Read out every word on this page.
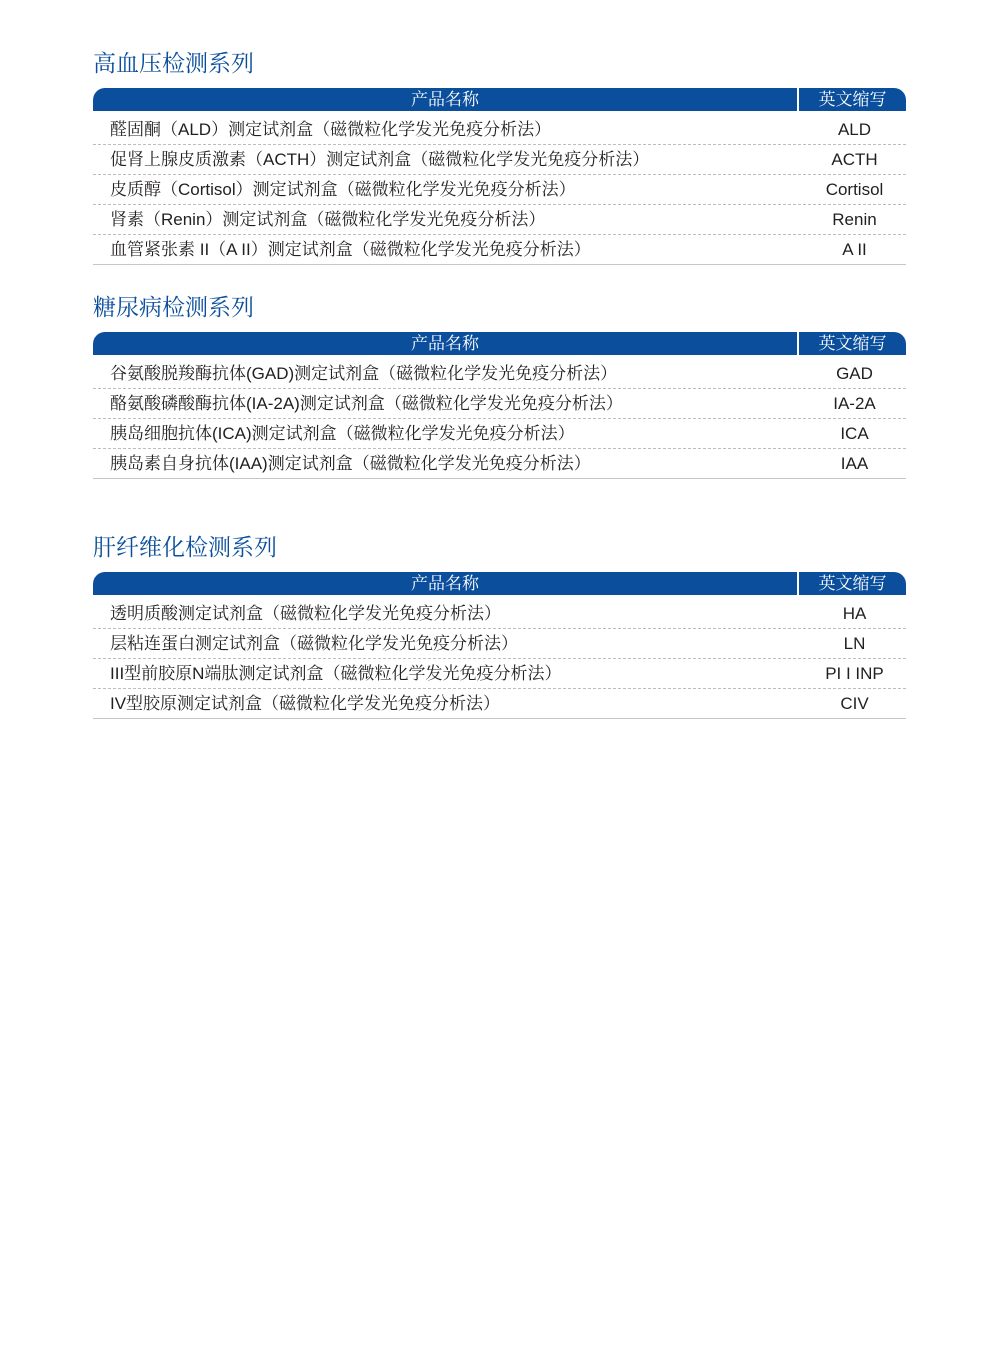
高血压检测系列
产品名称	英文缩写
醛固酮（ALD）测定试剂盒（磁微粒化学发光免疫分析法）	ALD
促肾上腺皮质激素（ACTH）测定试剂盒（磁微粒化学发光免疫分析法）	ACTH
皮质醇（Cortisol）测定试剂盒（磁微粒化学发光免疫分析法）	Cortisol
肾素（Renin）测定试剂盒（磁微粒化学发光免疫分析法）	Renin
血管紧张素 II（A II）测定试剂盒（磁微粒化学发光免疫分析法）	A II
糖尿病检测系列
产品名称	英文缩写
谷氨酸脱羧酶抗体(GAD)测定试剂盒（磁微粒化学发光免疫分析法）	GAD
酪氨酸磷酸酶抗体(IA-2A)测定试剂盒（磁微粒化学发光免疫分析法）	IA-2A
胰岛细胞抗体(ICA)测定试剂盒（磁微粒化学发光免疫分析法）	ICA
胰岛素自身抗体(IAA)测定试剂盒（磁微粒化学发光免疫分析法）	IAA
肝纤维化检测系列
产品名称	英文缩写
透明质酸测定试剂盒（磁微粒化学发光免疫分析法）	HA
层粘连蛋白测定试剂盒（磁微粒化学发光免疫分析法）	LN
III型前胶原N端肽测定试剂盒（磁微粒化学发光免疫分析法）	PI I INP
IV型胶原测定试剂盒（磁微粒化学发光免疫分析法）	CIV
